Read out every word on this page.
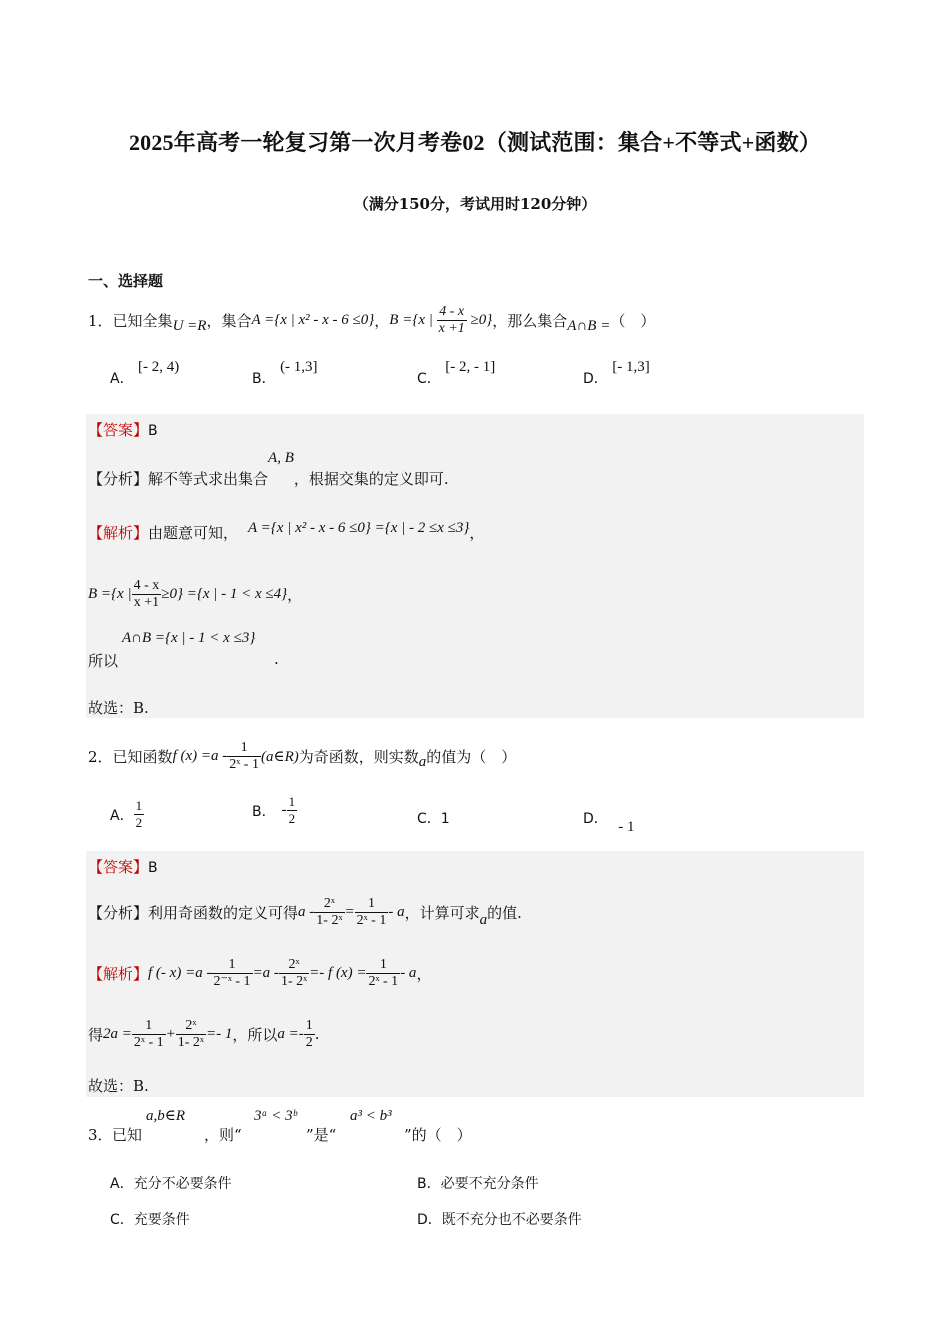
2025年高考一轮复习第一次月考卷02（测试范围：集合+不等式+函数）
（满分150分，考试用时120分钟）
一、选择题
1． 已知全集 U =R ，集合 A ={x | x² - x - 6 ≤0} ， B ={x | $\frac{4 - x}{x +1} \ge 0$} ，那么集合 A∩B = （　）
A． [- 2, 4)
B． (- 1,3]
C． [- 2, - 1]
D． [- 1,3]
【答案】B
【分析】 解不等式求出集合
A, B
，根据交集的定义即可.
【解析】 由题意可知， A ={x | x² - x - 6 ≤0} ={x | - 2 ≤x ≤3} ，
B ={x | $\frac{4 - x}{x +1} \ge 0\} =\{x$ | - 1 < x ≤4} ，
所以
A∩B ={x | - 1 < x ≤3}
.
故选：B.
2． 已知函数 f $(x) =a - \frac{1}{\text{2ˣ - 1}}$ (a∈R) 为奇函数，则实数 a 的值为（　）
A． $\frac{1}{2}$	B． - $\frac{1}{2}$	C．1	D． - 1
【答案】B
【分析】 利用奇函数的定义可得 $a - \frac{\text{2ˣ}}{\text{1- 2ˣ}} = \frac{1}{\text{2ˣ - 1}} - a$ ，计算可求 a 的值.
【解析】 f (- $x) =a - \frac{1}{\text{2⁻ˣ - 1}} =a - \frac{\text{2ˣ}}{\text{1- 2ˣ}} =- f$ $(x) = \frac{1}{\text{2ˣ - 1}} - a$ ，
得 $2a = \frac{1}{\text{2ˣ - 1}} + \frac{\text{2ˣ}}{\text{1- 2ˣ}} =- 1$ ，所以 $a =- \frac{1}{2}$ .
故选：B.
3． 已知
a,b∈R
，则“
3ᵃ < 3ᵇ
”是“
a³ < b³
”的（　）
A．充分不必要条件	B．必要不充分条件
C．充要条件	D．既不充分也不必要条件
